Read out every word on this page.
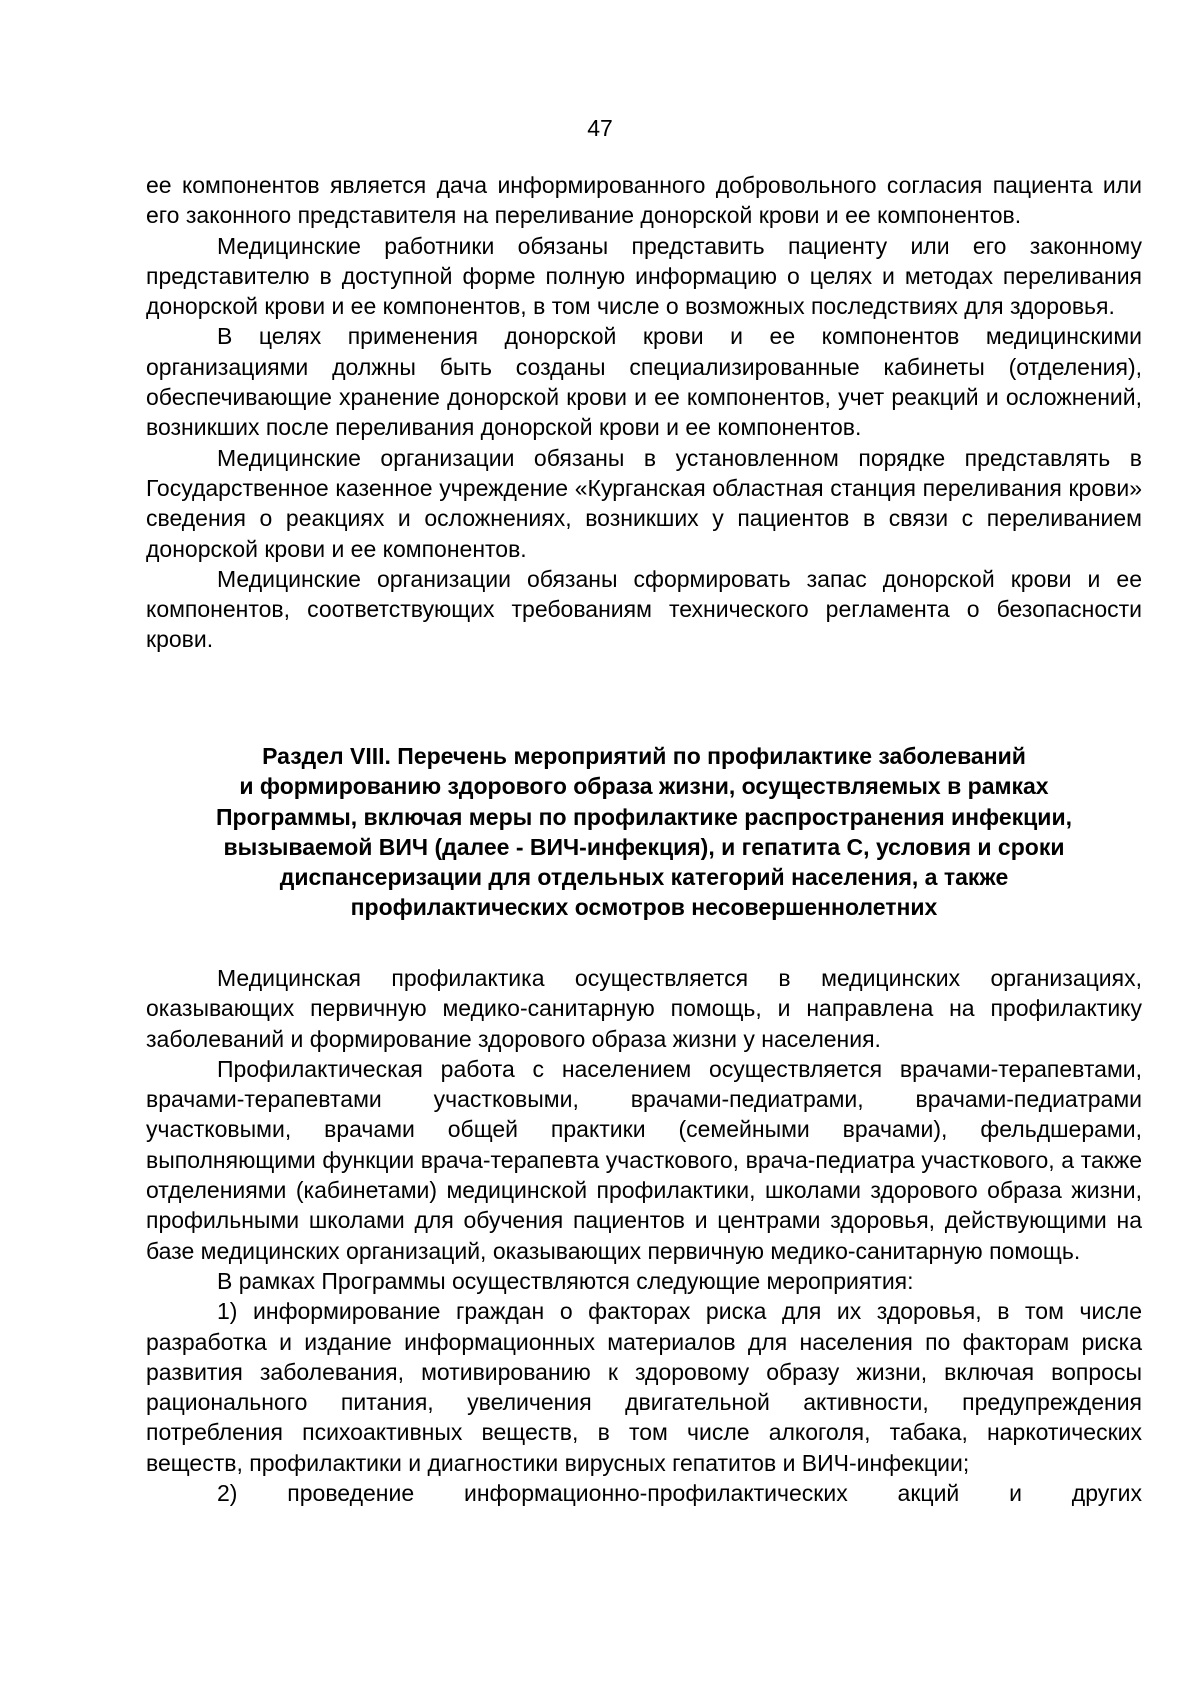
47

ее компонентов является дача информированного добровольного согласия пациента или его законного представителя на переливание донорской крови и ее компонентов.

Медицинские работники обязаны представить пациенту или его законному представителю в доступной форме полную информацию о целях и методах переливания донорской крови и ее компонентов, в том числе о возможных последствиях для здоровья.

В целях применения донорской крови и ее компонентов медицинскими организациями должны быть созданы специализированные кабинеты (отделения), обеспечивающие хранение донорской крови и ее компонентов, учет реакций и осложнений, возникших после переливания донорской крови и ее компонентов.

Медицинские организации обязаны в установленном порядке представлять в Государственное казенное учреждение «Курганская областная станция переливания крови» сведения о реакциях и осложнениях, возникших у пациентов в связи с переливанием донорской крови и ее компонентов.

Медицинские организации обязаны сформировать запас донорской крови и ее компонентов, соответствующих требованиям технического регламента о безопасности крови.

Раздел VIII. Перечень мероприятий по профилактике заболеваний
и формированию здорового образа жизни, осуществляемых в рамках
Программы, включая меры по профилактике распространения инфекции,
вызываемой ВИЧ (далее - ВИЧ-инфекция), и гепатита С, условия и сроки
диспансеризации для отдельных категорий населения, а также
профилактических осмотров несовершеннолетних

Медицинская профилактика осуществляется в медицинских организациях, оказывающих первичную медико-санитарную помощь, и направлена на профилактику заболеваний и формирование здорового образа жизни у населения.

Профилактическая работа с населением осуществляется врачами-терапевтами, врачами-терапевтами участковыми, врачами-педиатрами, врачами-педиатрами участковыми, врачами общей практики (семейными врачами), фельдшерами, выполняющими функции врача-терапевта участкового, врача-педиатра участкового, а также отделениями (кабинетами) медицинской профилактики, школами здорового образа жизни, профильными школами для обучения пациентов и центрами здоровья, действующими на базе медицинских организаций, оказывающих первичную медико-санитарную помощь.

В рамках Программы осуществляются следующие мероприятия:

1) информирование граждан о факторах риска для их здоровья, в том числе разработка и издание информационных материалов для населения по факторам риска развития заболевания, мотивированию к здоровому образу жизни, включая вопросы рационального питания, увеличения двигательной активности, предупреждения потребления психоактивных веществ, в том числе алкоголя, табака, наркотических веществ, профилактики и диагностики вирусных гепатитов и ВИЧ-инфекции;

2) проведение информационно-профилактических акций и других
